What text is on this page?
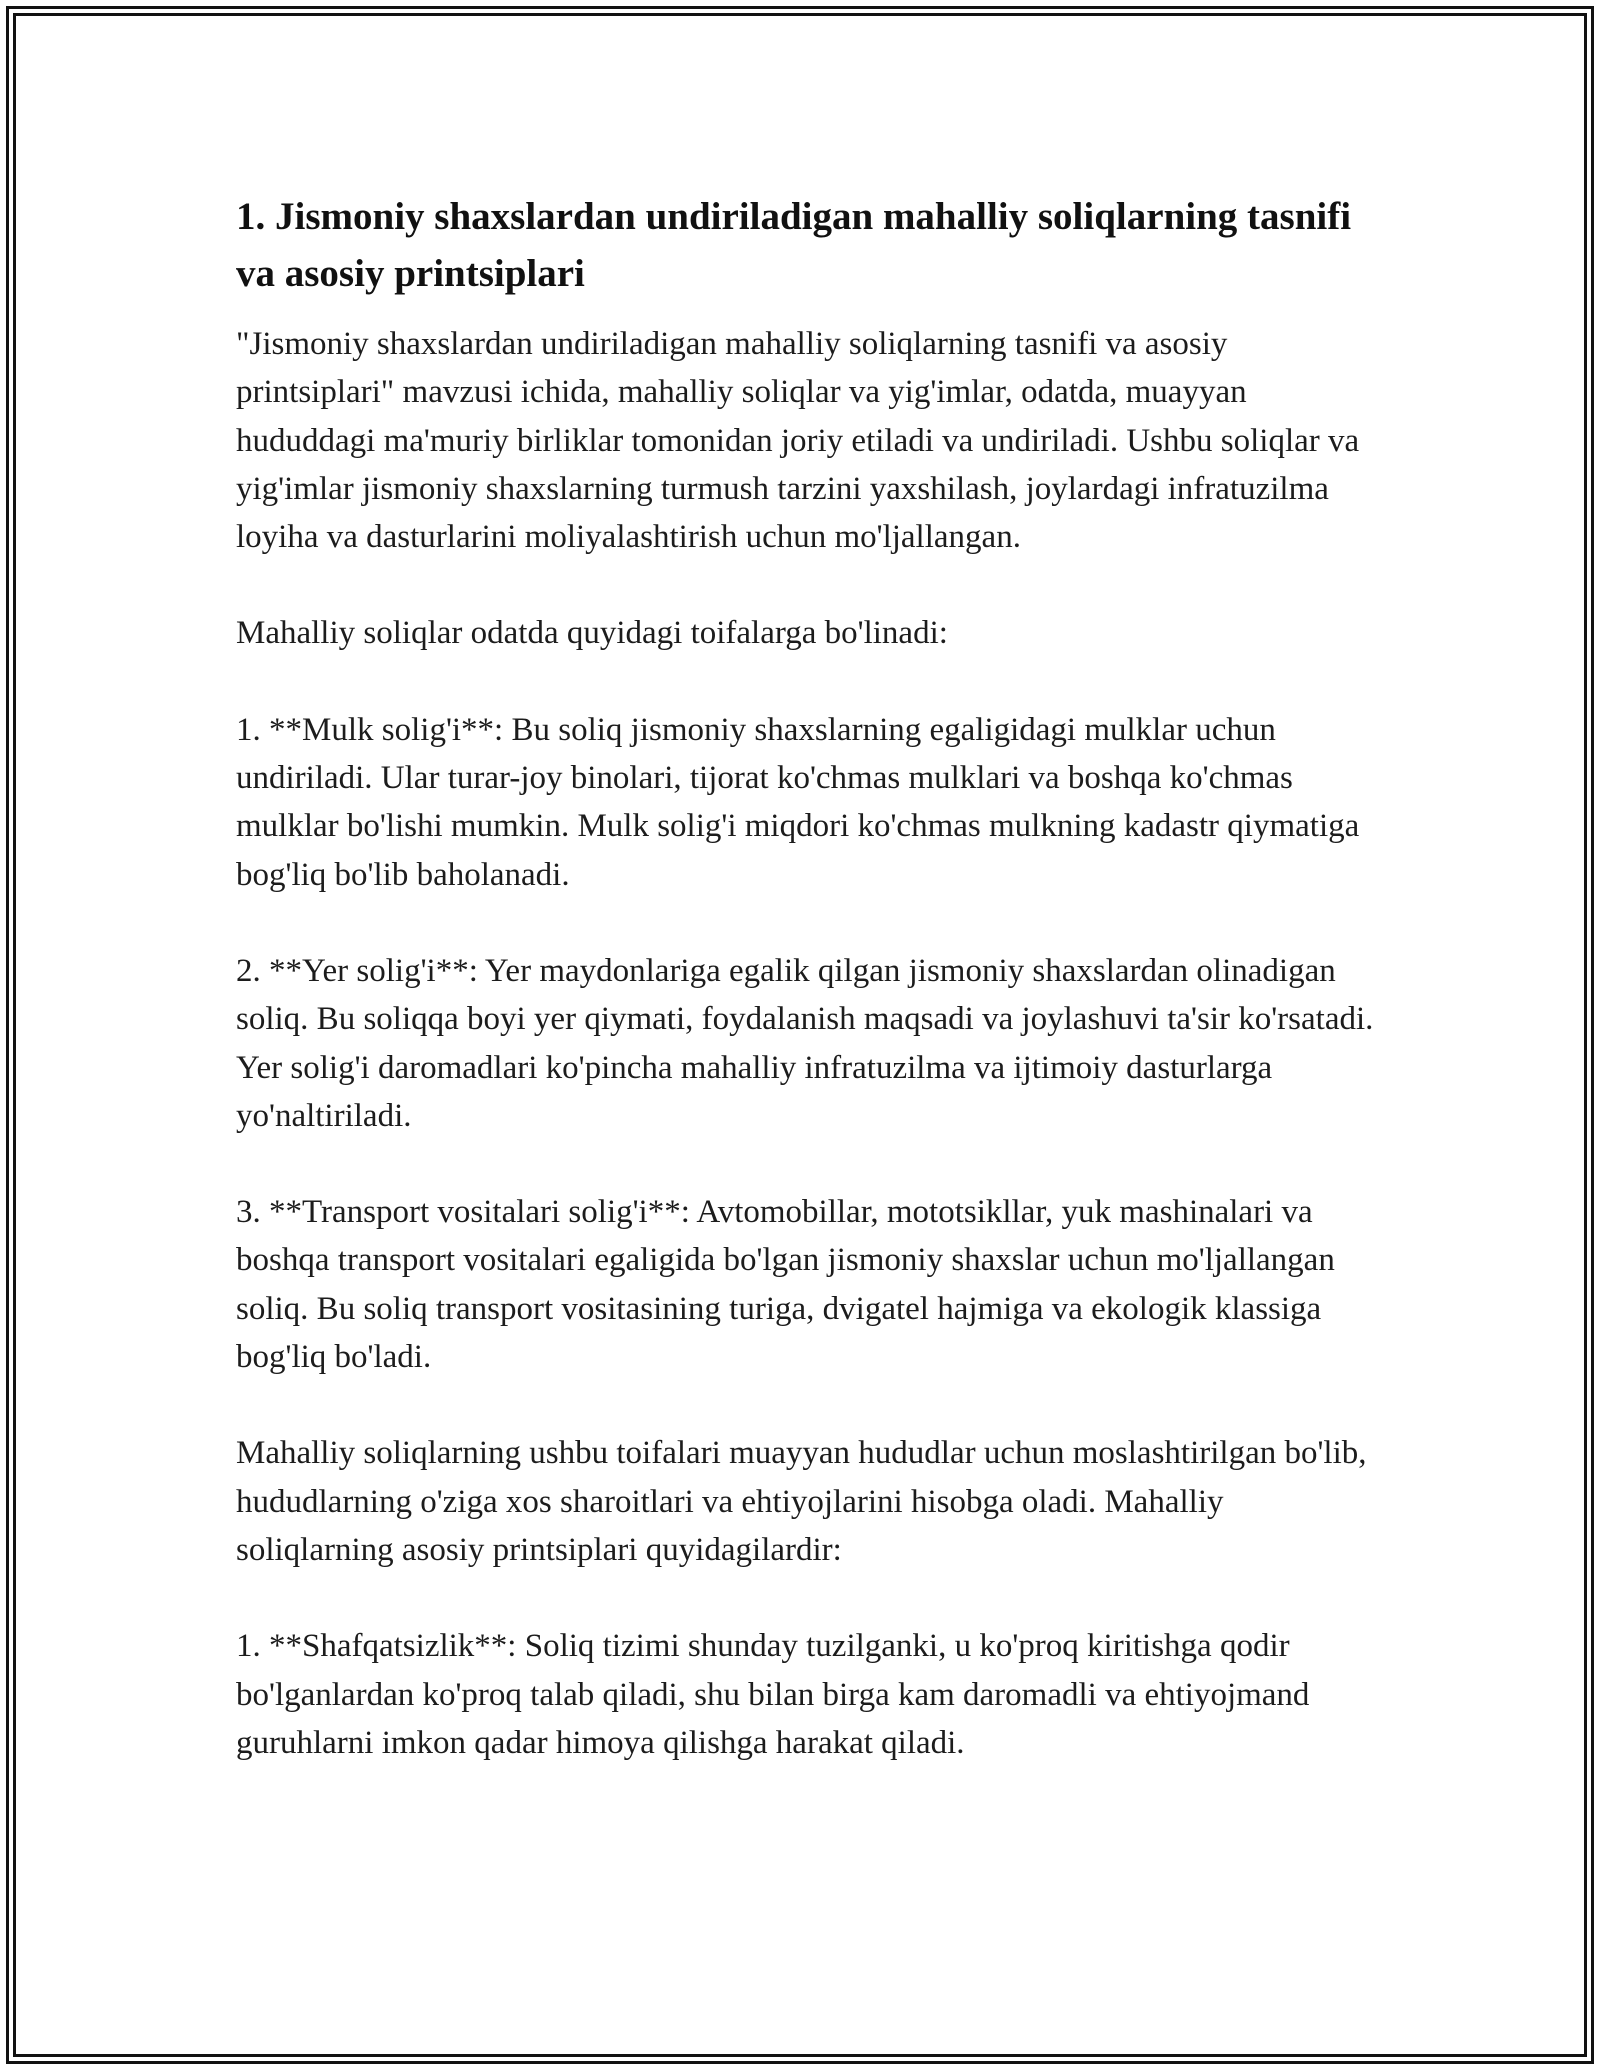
1. Jismoniy shaxslardan undiriladigan mahalliy soliqlarning tasnifi va asosiy printsiplari

"Jismoniy shaxslardan undiriladigan mahalliy soliqlarning tasnifi va asosiy printsiplari" mavzusi ichida, mahalliy soliqlar va yig'imlar, odatda, muayyan hududdagi ma'muriy birliklar tomonidan joriy etiladi va undiriladi. Ushbu soliqlar va yig'imlar jismoniy shaxslarning turmush tarzini yaxshilash, joylardagi infratuzilma loyiha va dasturlarini moliyalashtirish uchun mo'ljallangan.

Mahalliy soliqlar odatda quyidagi toifalarga bo'linadi:

1. **Mulk solig'i**: Bu soliq jismoniy shaxslarning egaligidagi mulklar uchun undiriladi. Ular turar-joy binolari, tijorat ko'chmas mulklari va boshqa ko'chmas mulklar bo'lishi mumkin. Mulk solig'i miqdori ko'chmas mulkning kadastr qiymatiga bog'liq bo'lib baholanadi.

2. **Yer solig'i**: Yer maydonlariga egalik qilgan jismoniy shaxslardan olinadigan soliq. Bu soliqqa boyi yer qiymati, foydalanish maqsadi va joylashuvi ta'sir ko'rsatadi. Yer solig'i daromadlari ko'pincha mahalliy infratuzilma va ijtimoiy dasturlarga yo'naltiriladi.

3. **Transport vositalari solig'i**: Avtomobillar, mototsikllar, yuk mashinalari va boshqa transport vositalari egaligida bo'lgan jismoniy shaxslar uchun mo'ljallangan soliq. Bu soliq transport vositasining turiga, dvigatel hajmiga va ekologik klassiga bog'liq bo'ladi.

Mahalliy soliqlarning ushbu toifalari muayyan hududlar uchun moslashtirilgan bo'lib, hududlarning o'ziga xos sharoitlari va ehtiyojlarini hisobga oladi. Mahalliy soliqlarning asosiy printsiplari quyidagilardir:

1. **Shafqatsizlik**: Soliq tizimi shunday tuzilganki, u ko'proq kiritishga qodir bo'lganlardan ko'proq talab qiladi, shu bilan birga kam daromadli va ehtiyojmand guruhlarni imkon qadar himoya qilishga harakat qiladi.
